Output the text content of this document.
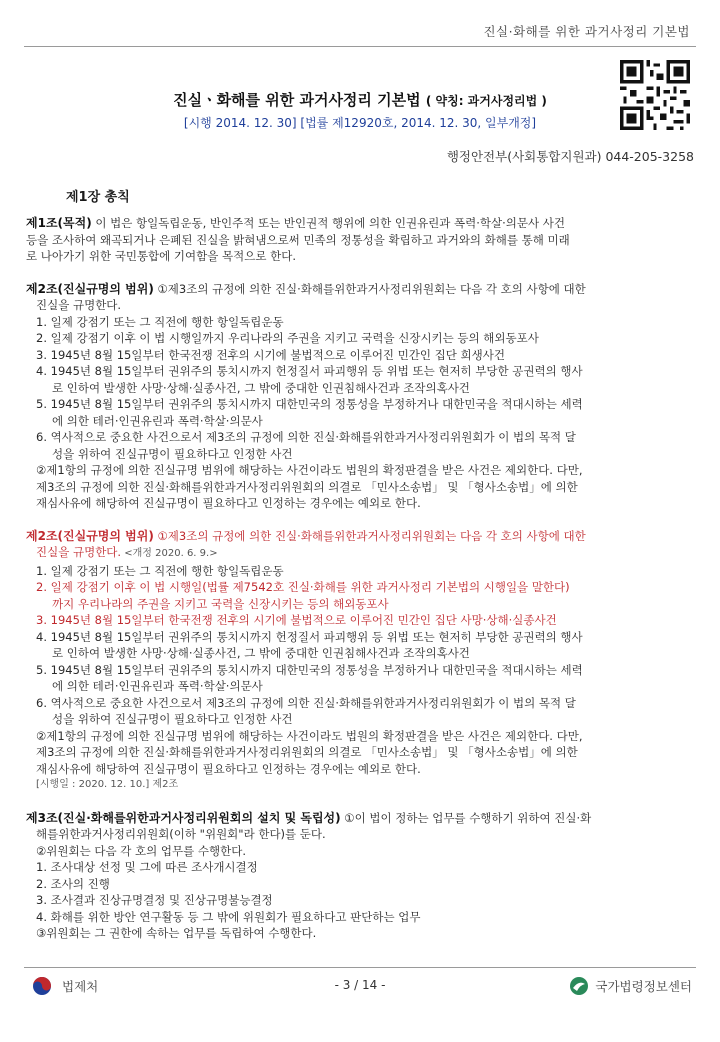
진실·화해를 위한 과거사정리 기본법
진실ㆍ화해를 위한 과거사정리 기본법 ( 약칭: 과거사정리법 )
[시행 2014. 12. 30] [법률 제12920호, 2014. 12. 30, 일부개정]
행정안전부(사회통합지원과) 044-205-3258
제1장 총칙
제1조(목적) 이 법은 항일독립운동, 반인주적 또는 반인권적 행위에 의한 인권유린과 폭력·학살·의문사 사건
등을 조사하여 왜곡되거나 은폐된 진실을 밝혀냄으로써 민족의 정통성을 확립하고 과거와의 화해를 통해 미래
로 나아가기 위한 국민통합에 기여함을 목적으로 한다.
제2조(진실규명의 범위) ①제3조의 규정에 의한 진실·화해를위한과거사정리위원회는 다음 각 호의 사항에 대한
진실을 규명한다.
1. 일제 강점기 또는 그 직전에 행한 항일독립운동
2. 일제 강점기 이후 이 법 시행일까지 우리나라의 주권을 지키고 국력을 신장시키는 등의 해외동포사
3. 1945년 8월 15일부터 한국전쟁 전후의 시기에 불법적으로 이루어진 민간인 집단 희생사건
4. 1945년 8월 15일부터 권위주의 통치시까지 헌정질서 파괴행위 등 위법 또는 현저히 부당한 공권력의 행사
로 인하여 발생한 사망·상해·실종사건, 그 밖에 중대한 인권침해사건과 조작의혹사건
5. 1945년 8월 15일부터 권위주의 통치시까지 대한민국의 정통성을 부정하거나 대한민국을 적대시하는 세력
에 의한 테러·인권유린과 폭력·학살·의문사
6. 역사적으로 중요한 사건으로서 제3조의 규정에 의한 진실·화해를위한과거사정리위원회가 이 법의 목적 달
성을 위하여 진실규명이 필요하다고 인정한 사건
②제1항의 규정에 의한 진실규명 범위에 해당하는 사건이라도 법원의 확정판결을 받은 사건은 제외한다. 다만,
제3조의 규정에 의한 진실·화해를위한과거사정리위원회의 의결로 「민사소송법」 및 「형사소송법」에 의한
재심사유에 해당하여 진실규명이 필요하다고 인정하는 경우에는 예외로 한다.
제2조(진실규명의 범위) ①제3조의 규정에 의한 진실·화해를위한과거사정리위원회는 다음 각 호의 사항에 대한
진실을 규명한다. <개정 2020. 6. 9.>
1. 일제 강점기 또는 그 직전에 행한 항일독립운동
2. 일제 강점기 이후 이 법 시행일(법률 제7542호 진실·화해를 위한 과거사정리 기본법의 시행일을 말한다)
까지 우리나라의 주권을 지키고 국력을 신장시키는 등의 해외동포사
3. 1945년 8월 15일부터 한국전쟁 전후의 시기에 불법적으로 이루어진 민간인 집단 사망·상해·실종사건
4. 1945년 8월 15일부터 권위주의 통치시까지 헌정질서 파괴행위 등 위법 또는 현저히 부당한 공권력의 행사
로 인하여 발생한 사망·상해·실종사건, 그 밖에 중대한 인권침해사건과 조작의혹사건
5. 1945년 8월 15일부터 권위주의 통치시까지 대한민국의 정통성을 부정하거나 대한민국을 적대시하는 세력
에 의한 테러·인권유린과 폭력·학살·의문사
6. 역사적으로 중요한 사건으로서 제3조의 규정에 의한 진실·화해를위한과거사정리위원회가 이 법의 목적 달
성을 위하여 진실규명이 필요하다고 인정한 사건
②제1항의 규정에 의한 진실규명 범위에 해당하는 사건이라도 법원의 확정판결을 받은 사건은 제외한다. 다만,
제3조의 규정에 의한 진실·화해를위한과거사정리위원회의 의결로 「민사소송법」 및 「형사소송법」에 의한
재심사유에 해당하여 진실규명이 필요하다고 인정하는 경우에는 예외로 한다.
[시행일 : 2020. 12. 10.] 제2조
제3조(진실·화해를위한과거사정리위원회의 설치 및 독립성) ①이 법이 정하는 업무를 수행하기 위하여 진실·화
해를위한과거사정리위원회(이하 "위원회"라 한다)를 둔다.
②위원회는 다음 각 호의 업무를 수행한다.
1. 조사대상 선정 및 그에 따른 조사개시결정
2. 조사의 진행
3. 조사결과 진상규명결정 및 진상규명불능결정
4. 화해를 위한 방안 연구활동 등 그 밖에 위원회가 필요하다고 판단하는 업무
③위원회는 그 권한에 속하는 업무를 독립하여 수행한다.
법제처	- 3 / 14 -	국가법령정보센터
